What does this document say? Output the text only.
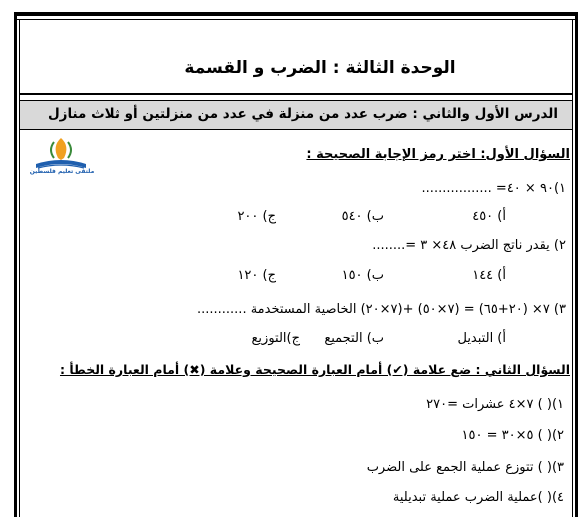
الوحدة الثالثة : الضرب و القسمة
الدرس الأول والثاني : ضرب عدد من منزلة في عدد من منزلتين أو ثلاث منازل
ملتقى تعليم فلسطين
السؤال الأول: اختر رمز الإجابة الصحيحة :
١)٩٠ × ٤٠= .................
أ) ٤٥٠
ب) ٥٤٠
ج) ٢٠٠
٢) يقدر ناتج الضرب ٤٨× ٣ =........
أ) ١٤٤
ب) ١٥٠
ج) ١٢٠
٣) ٧× (٢٠+٦٥) = (٧×٥٠) +(٧×٢٠) الخاصية المستخدمة ............
أ) التبديل
ب) التجميع
ج)التوزيع
السؤال الثاني : ضع علامة (✔) أمام العبارة الصحيحة وعلامة (✖) أمام العبارة الخطأ :
١)( ) ٧×٤ عشرات =٢٧٠
٢)( ) ٥×٣٠ = ١٥٠
٣)( ) تتوزع عملية الجمع على الضرب
٤)( )عملية الضرب عملية تبديلية
